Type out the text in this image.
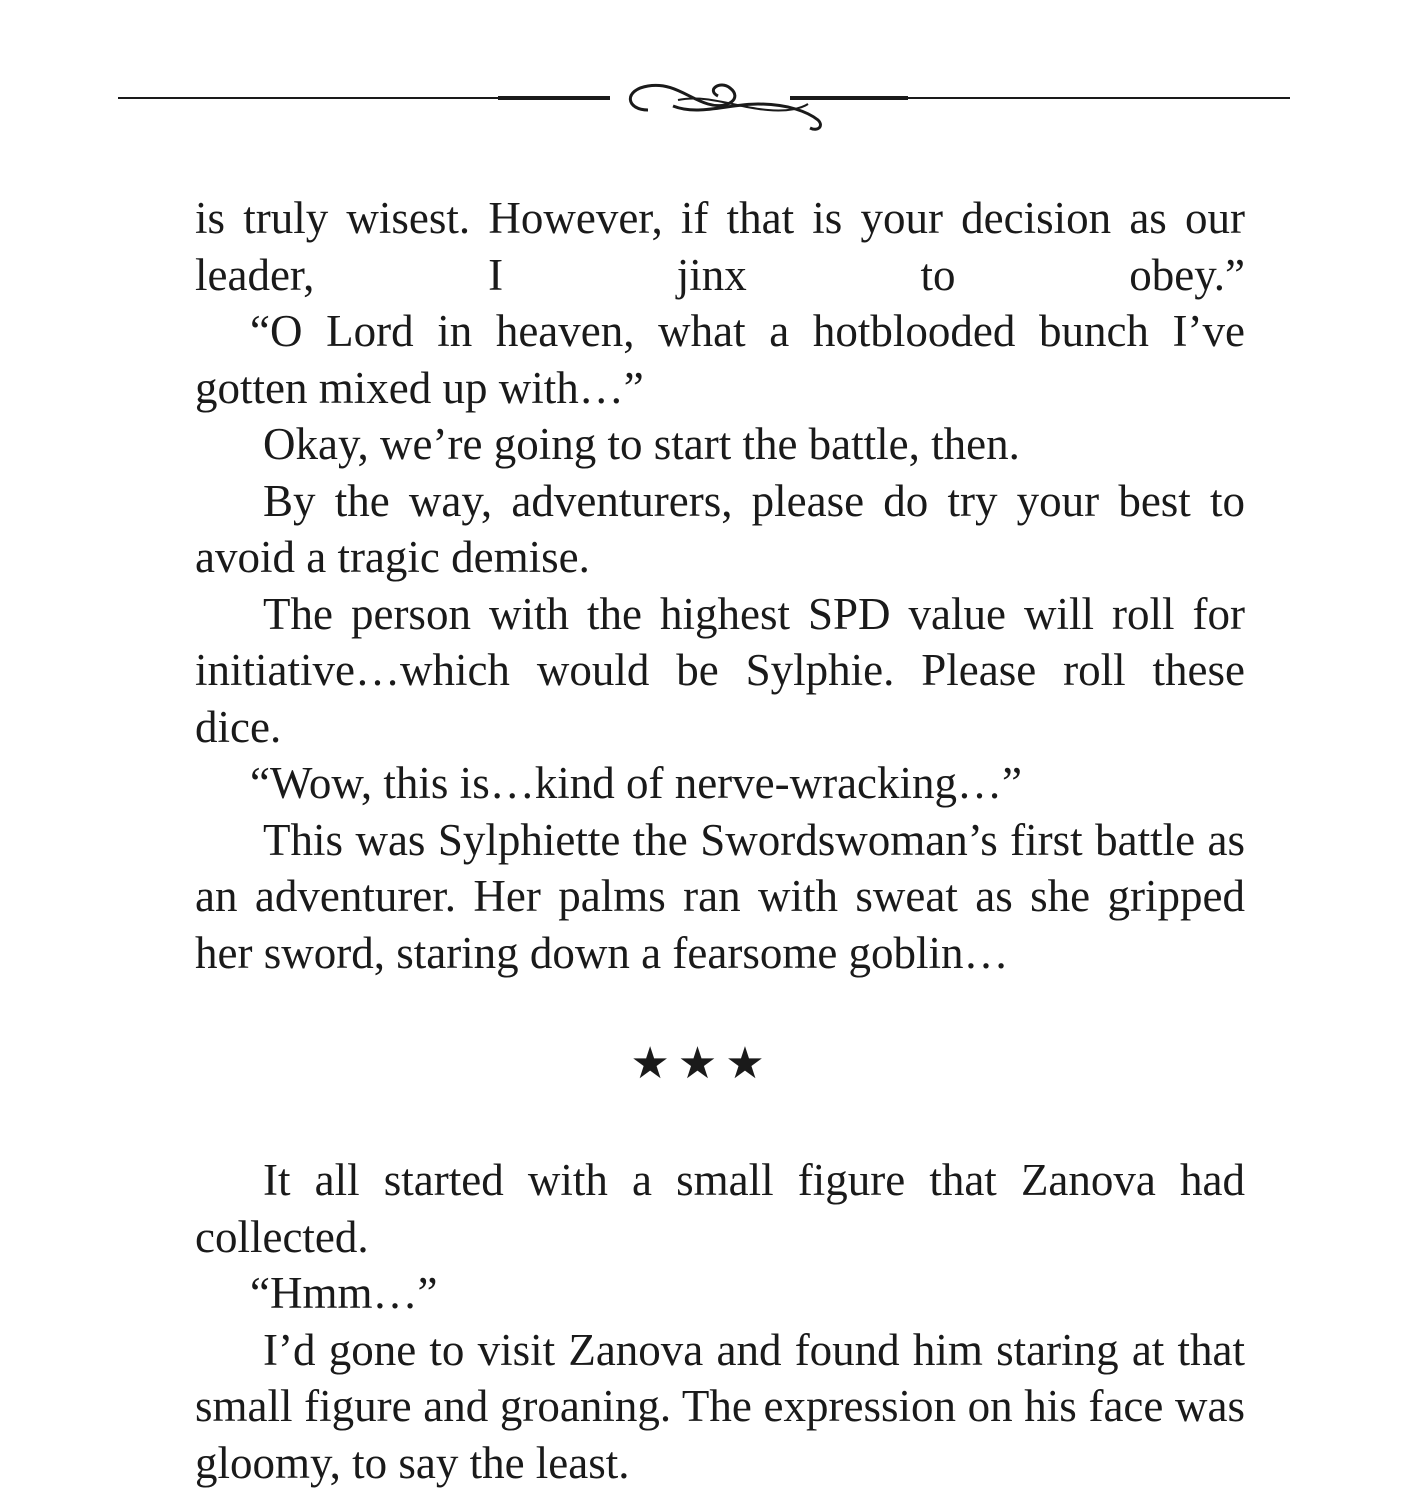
is truly wisest. However, if that is your decision as our leader, I jinx to obey.”

“O Lord in heaven, what a hotblooded bunch I’ve gotten mixed up with…”

Okay, we’re going to start the battle, then.

By the way, adventurers, please do try your best to avoid a tragic demise.

The person with the highest SPD value will roll for initiative…which would be Sylphie. Please roll these dice.

“Wow, this is…kind of nerve-wracking…”

This was Sylphiette the Swordswoman’s first battle as an adventurer. Her palms ran with sweat as she gripped her sword, staring down a fearsome goblin…

★★★

It all started with a small figure that Zanova had collected.

“Hmm…”

I’d gone to visit Zanova and found him staring at that small figure and groaning. The expression on his face was gloomy, to say the least.
